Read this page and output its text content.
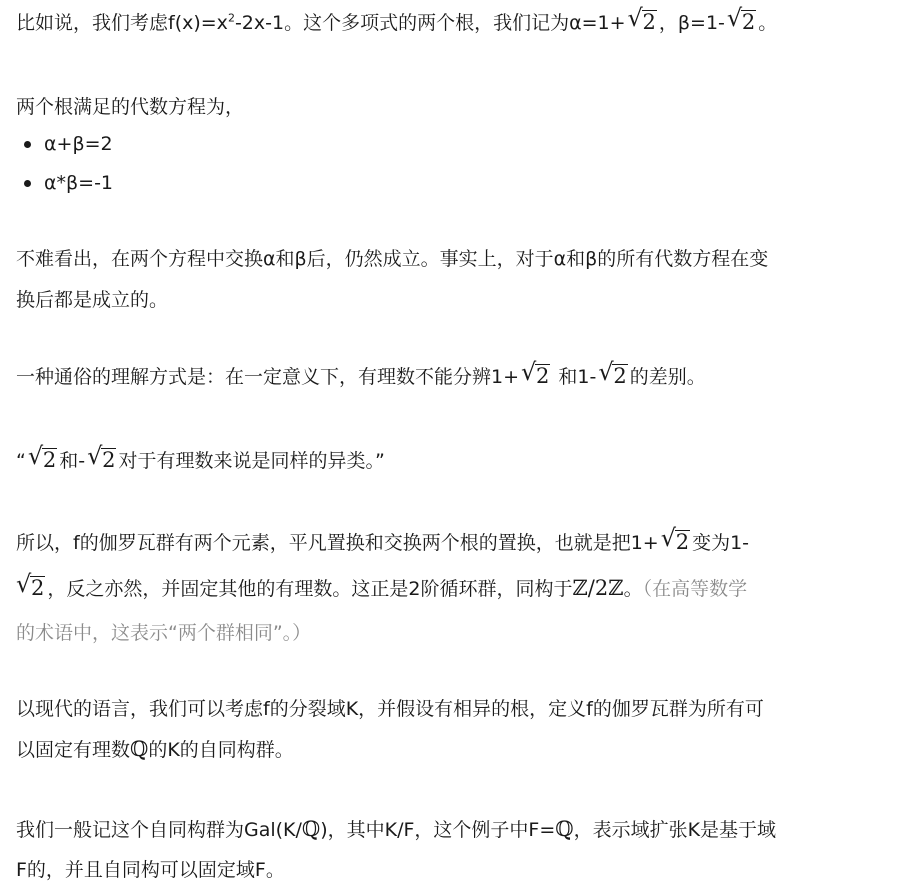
比如说，我们考虑$f(x)=x^2-2x-1$。这个多项式的两个根，我们记为α=1+ √ 2 ，β=1- √ 2 。
两个根满足的代数方程为，
α+β=2
α*β=-1
不难看出，在两个方程中交换α和β后，仍然成立。事实上，对于α和β的所有代数方程在变
换后都是成立的。
一种通俗的理解方式是：在一定意义下，有理数不能分辨1+ √ 2 和1- √ 2 的差别。
“ √ 2 和- √ 2 对于有理数来说是同样的异类。”
所以，f的伽罗瓦群有两个元素，平凡置换和交换两个根的置换，也就是把1+ √ 2 变为1-
√ 2 ，反之亦然，并固定其他的有理数。这正是2阶循环群，同构于ℤ/2ℤ。（在高等数学
的术语中，这表示“两个群相同”。）
以现代的语言，我们可以考虑f的分裂域K，并假设有相异的根，定义f的伽罗瓦群为所有可
以固定有理数ℚ的K的自同构群。
我们一般记这个自同构群为Gal(K/ℚ)，其中K/F，这个例子中F=ℚ，表示域扩张K是基于域
F的，并且自同构可以固定域F。
